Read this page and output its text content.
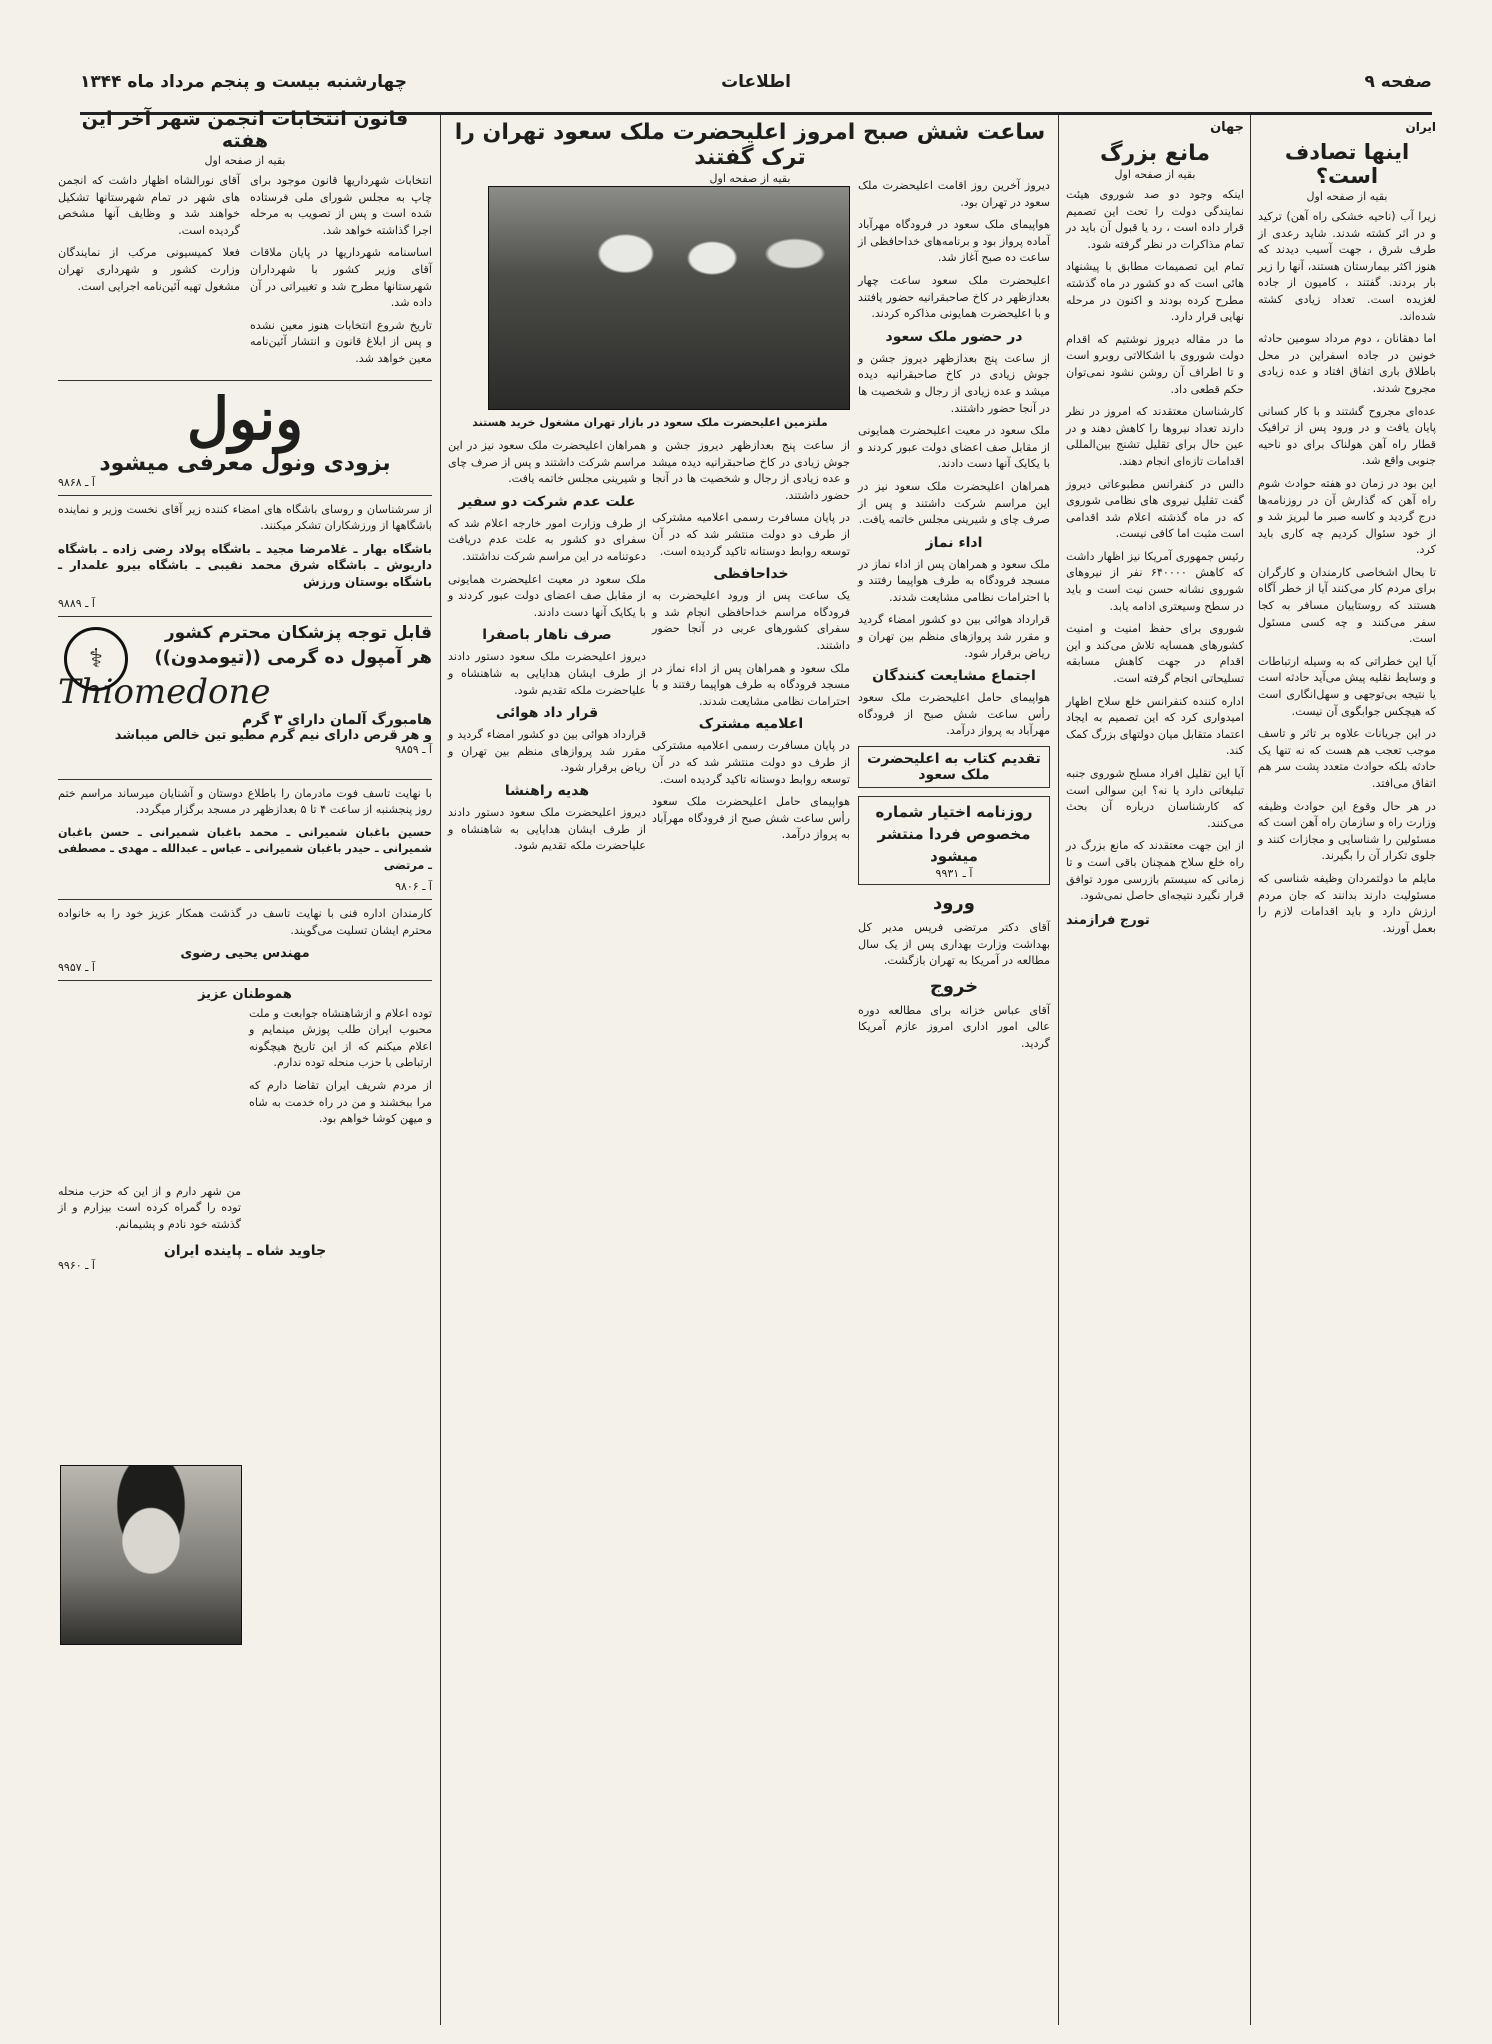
صفحه ۹
اطلاعات
چهارشنبه بیست و پنجم مرداد ماه ۱۳۴۴
ایران
اینها تصادف است؟
بقیه از صفحه اول

زیرا آب (ناحیه خشکی راه آهن) ترکید و در اثر کشته شدند. شاید رعدی از طرف شرق ، جهت آسیب دیدند که هنوز اکثر بیمارستان هستند، آنها را زیر بار بردند. گفتند ، کامیون از جاده لغزیده است. تعداد زیادی کشته شده‌اند.

اما دهقانان ، دوم مرداد سومین حادثه خونین در جاده اسفراین در محل باطلاق باری اتفاق افتاد و عده زیادی مجروح شدند.

عده‌ای مجروح گشتند و با کار کسانی پایان یافت و در ورود پس از ترافیک قطار راه آهن هولناک برای دو ناحیه جنوبی واقع شد.

این بود در زمان دو هفته حوادث شوم راه آهن که گذارش آن در روزنامه‌ها درج گردید و کاسه صبر ما لبریز شد و از خود سئوال کردیم چه کاری باید کرد.

تا بحال اشخاصی کارمندان و کارگران برای مردم کار می‌کنند آیا از خطر آگاه هستند که روستاییان مسافر به کجا سفر می‌کنند و چه کسی مسئول است.

آیا این خطراتی که به وسیله ارتباطات و وسایط نقلیه پیش می‌آید حادثه است یا نتیجه بی‌توجهی و سهل‌انگاری است که هیچکس جوابگوی آن نیست.

در این جریانات علاوه بر تاثر و تاسف موجب تعجب هم هست که نه تنها یک حادثه بلکه حوادث متعدد پشت سر هم اتفاق می‌افتد.

در هر حال وقوع این حوادث وظیفه وزارت راه و سازمان راه آهن است که مسئولین را شناسایی و مجازات کنند و جلوی تکرار آن را بگیرند.

مایلم ما دولتمردان وظیفه شناسی که مسئولیت دارند بدانند که جان مردم ارزش دارد و باید اقدامات لازم را بعمل آورند.

جهان
مانع بزرگ
بقیه از صفحه اول

اینکه وجود دو صد شوروی هیئت نمایندگی دولت را تحت این تصمیم قرار داده است ، رد یا قبول آن باید در تمام مذاکرات در نظر گرفته شود.

تمام این تصمیمات مطابق با پیشنهاد هائی است که دو کشور در ماه گذشته مطرح کرده بودند و اکنون در مرحله نهایی قرار دارد.

ما در مقاله دیروز نوشتیم که اقدام دولت شوروی با اشکالاتی روبرو است و تا اطراف آن روشن نشود نمی‌توان حکم قطعی داد.

کارشناسان معتقدند که امروز در نظر دارند تعداد نیروها را کاهش دهند و در عین حال برای تقلیل تشنج بین‌المللی اقدامات تازه‌ای انجام دهند.

دالس در کنفرانس مطبوعاتی دیروز گفت تقلیل نیروی های نظامی شوروی که در ماه گذشته اعلام شد اقدامی است مثبت اما کافی نیست.

رئیس جمهوری آمریکا نیز اظهار داشت که کاهش ۶۴۰۰۰۰ نفر از نیروهای شوروی نشانه حسن نیت است و باید در سطح وسیعتری ادامه یابد.

شوروی برای حفظ امنیت و امنیت کشورهای همسایه تلاش می‌کند و این اقدام در جهت کاهش مسابقه تسلیحاتی انجام گرفته است.

اداره کننده کنفرانس خلع سلاح اظهار امیدواری کرد که این تصمیم به ایجاد اعتماد متقابل میان دولتهای بزرگ کمک کند.

آیا این تقلیل افراد مسلح شوروی جنبه تبلیغاتی دارد یا نه؟ این سوالی است که کارشناسان درباره آن بحث می‌کنند.

از این جهت معتقدند که مانع بزرگ در راه خلع سلاح همچنان باقی است و تا زمانی که سیستم بازرسی مورد توافق قرار نگیرد نتیجه‌ای حاصل نمی‌شود.

تورج فرازمند
ساعت شش صبح امروز اعلیحضرت ملک سعود تهران را ترک گفتند
بقیه از صفحه اول

دیروز آخرین روز اقامت اعلیحضرت ملک سعود در تهران بود.

هواپیمای ملک سعود در فرودگاه مهرآباد آماده پرواز بود و برنامه‌های خداحافظی از ساعت ده صبح آغاز شد.

اعلیحضرت ملک سعود ساعت چهار بعدازظهر در کاخ صاحبقرانیه حضور یافتند و با اعلیحضرت همایونی مذاکره کردند.

در حضور ملک سعود

از ساعت پنج بعدازظهر دیروز جشن و جوش زیادی در کاخ صاحبقرانیه دیده میشد و عده زیادی از رجال و شخصیت ها در آنجا حضور داشتند.

ملک سعود در معیت اعلیحضرت همایونی از مقابل صف اعضای دولت عبور کردند و با یکایک آنها دست دادند.

همراهان اعلیحضرت ملک سعود نیز در این مراسم شرکت داشتند و پس از صرف چای و شیرینی مجلس خاتمه یافت.

اداء نماز

ملک سعود و همراهان پس از اداء نماز در مسجد فرودگاه به طرف هواپیما رفتند و با احترامات نظامی مشایعت شدند.

قرارداد هوائی بین دو کشور امضاء گردید و مقرر شد پروازهای منظم بین تهران و ریاض برقرار شود.

اجتماع مشایعت کنندگان

هواپیمای حامل اعلیحضرت ملک سعود رأس ساعت شش صبح از فرودگاه مهرآباد به پرواز درآمد.

تقدیم کتاب به اعلیحضرت ملک سعود
روزنامه اختیار شماره مخصوص فردا منتشر میشود
آ ـ ۹۹۳۱
ورود

آقای دکتر مرتضی فریس مدیر کل بهداشت وزارت بهداری پس از یک سال مطالعه در آمریکا به تهران بازگشت.

خروج

آقای عباس خزانه برای مطالعه دوره عالی امور اداری امروز عازم آمریکا گردید.

ملتزمین اعلیحضرت ملک سعود در بازار تهران مشغول خرید هستند

از ساعت پنج بعدازظهر دیروز جشن و جوش زیادی در کاخ صاحبقرانیه دیده میشد و عده زیادی از رجال و شخصیت ها در آنجا حضور داشتند.

در پایان مسافرت رسمی اعلامیه مشترکی از طرف دو دولت منتشر شد که در آن توسعه روابط دوستانه تاکید گردیده است.

خداحافظی

یک ساعت پس از ورود اعلیحضرت به فرودگاه مراسم خداحافظی انجام شد و سفرای کشورهای عربی در آنجا حضور داشتند.

ملک سعود و همراهان پس از اداء نماز در مسجد فرودگاه به طرف هواپیما رفتند و با احترامات نظامی مشایعت شدند.

اعلامیه مشترک

در پایان مسافرت رسمی اعلامیه مشترکی از طرف دو دولت منتشر شد که در آن توسعه روابط دوستانه تاکید گردیده است.

هواپیمای حامل اعلیحضرت ملک سعود رأس ساعت شش صبح از فرودگاه مهرآباد به پرواز درآمد.

همراهان اعلیحضرت ملک سعود نیز در این مراسم شرکت داشتند و پس از صرف چای و شیرینی مجلس خاتمه یافت.

علت عدم شرکت دو سفیر

از طرف وزارت امور خارجه اعلام شد که سفرای دو کشور به علت عدم دریافت دعوتنامه در این مراسم شرکت نداشتند.

ملک سعود در معیت اعلیحضرت همایونی از مقابل صف اعضای دولت عبور کردند و با یکایک آنها دست دادند.

صرف ناهار باصفرا

دیروز اعلیحضرت ملک سعود دستور دادند از طرف ایشان هدایایی به شاهنشاه و علیاحضرت ملکه تقدیم شود.

قرار داد هوائی

قرارداد هوائی بین دو کشور امضاء گردید و مقرر شد پروازهای منظم بین تهران و ریاض برقرار شود.

هدیه راهنشا

دیروز اعلیحضرت ملک سعود دستور دادند از طرف ایشان هدایایی به شاهنشاه و علیاحضرت ملکه تقدیم شود.

قانون انتخابات انجمن شهر آخر این هفته
بقیه از صفحه اول

انتخابات شهرداریها قانون موجود برای چاپ به مجلس شورای ملی فرستاده شده است و پس از تصویب به مرحله اجرا گذاشته خواهد شد.

اساسنامه شهرداریها در پایان ملاقات آقای وزیر کشور با شهرداران شهرستانها مطرح شد و تغییراتی در آن داده شد.

تاریخ شروع انتخابات هنوز معین نشده و پس از ابلاغ قانون و انتشار آئین‌نامه معین خواهد شد.

آقای نورالشاه اظهار داشت که انجمن های شهر در تمام شهرستانها تشکیل خواهند شد و وظایف آنها مشخص گردیده است.

فعلا کمیسیونی مرکب از نمایندگان وزارت کشور و شهرداری تهران مشغول تهیه آئین‌نامه اجرایی است.

ونول
بزودی ونول معرفی میشود
آ ـ ۹۸۶۸

از سرشناسان و روسای باشگاه های امضاء کننده زیر آقای نخست وزیر و نماینده باشگاهها از ورزشکاران تشکر میکنند.

باشگاه بهار ـ غلامرضا مجید ـ باشگاه پولاد رضی زاده ـ باشگاه داریوش ـ باشگاه شرق محمد نقیبی ـ باشگاه بیرو علمدار ـ باشگاه بوستان ورزش

آ ـ ۹۸۸۹
قابل توجه پزشکان محترم کشور
هر آمپول ده گرمی ((تیومدون))
Thiomedone
هامبورگ آلمان دارای ۳ گرم
و هر قرص دارای نیم گرم مطیو تین خالص میباشد
آ ـ ۹۸۵۹
⚕

با نهایت تاسف فوت مادرمان را باطلاع دوستان و آشنایان میرساند مراسم ختم روز پنجشنبه از ساعت ۴ تا ۵ بعدازظهر در مسجد برگزار میگردد.

حسین باغبان شمیرانی ـ محمد باغبان شمیرانی ـ حسن باغبان شمیرانی ـ حیدر باغبان شمیرانی ـ عباس ـ عبدالله ـ مهدی ـ مصطفی ـ مرتضی

آ ـ ۹۸۰۶

کارمندان اداره فنی با نهایت تاسف در گذشت همکار عزیز خود را به خانواده محترم ایشان تسلیت می‌گویند.

مهندس یحیی رضوی
آ ـ ۹۹۵۷
هموطنان عزیز

توده اعلام و ازشاهنشاه جوابعت و ملت محبوب ایران طلب پوزش مینمایم و اعلام میکنم که از این تاریخ هیچگونه ارتباطی با حزب منحله توده ندارم.

از مردم شریف ایران تقاضا دارم که مرا ببخشند و من در راه خدمت به شاه و میهن کوشا خواهم بود.

من شهر دارم و از این که حزب منحله توده را گمراه کرده است بیزارم و از گذشته خود نادم و پشیمانم.

جاوید شاه ـ پاینده ایران
آ ـ ۹۹۶۰
